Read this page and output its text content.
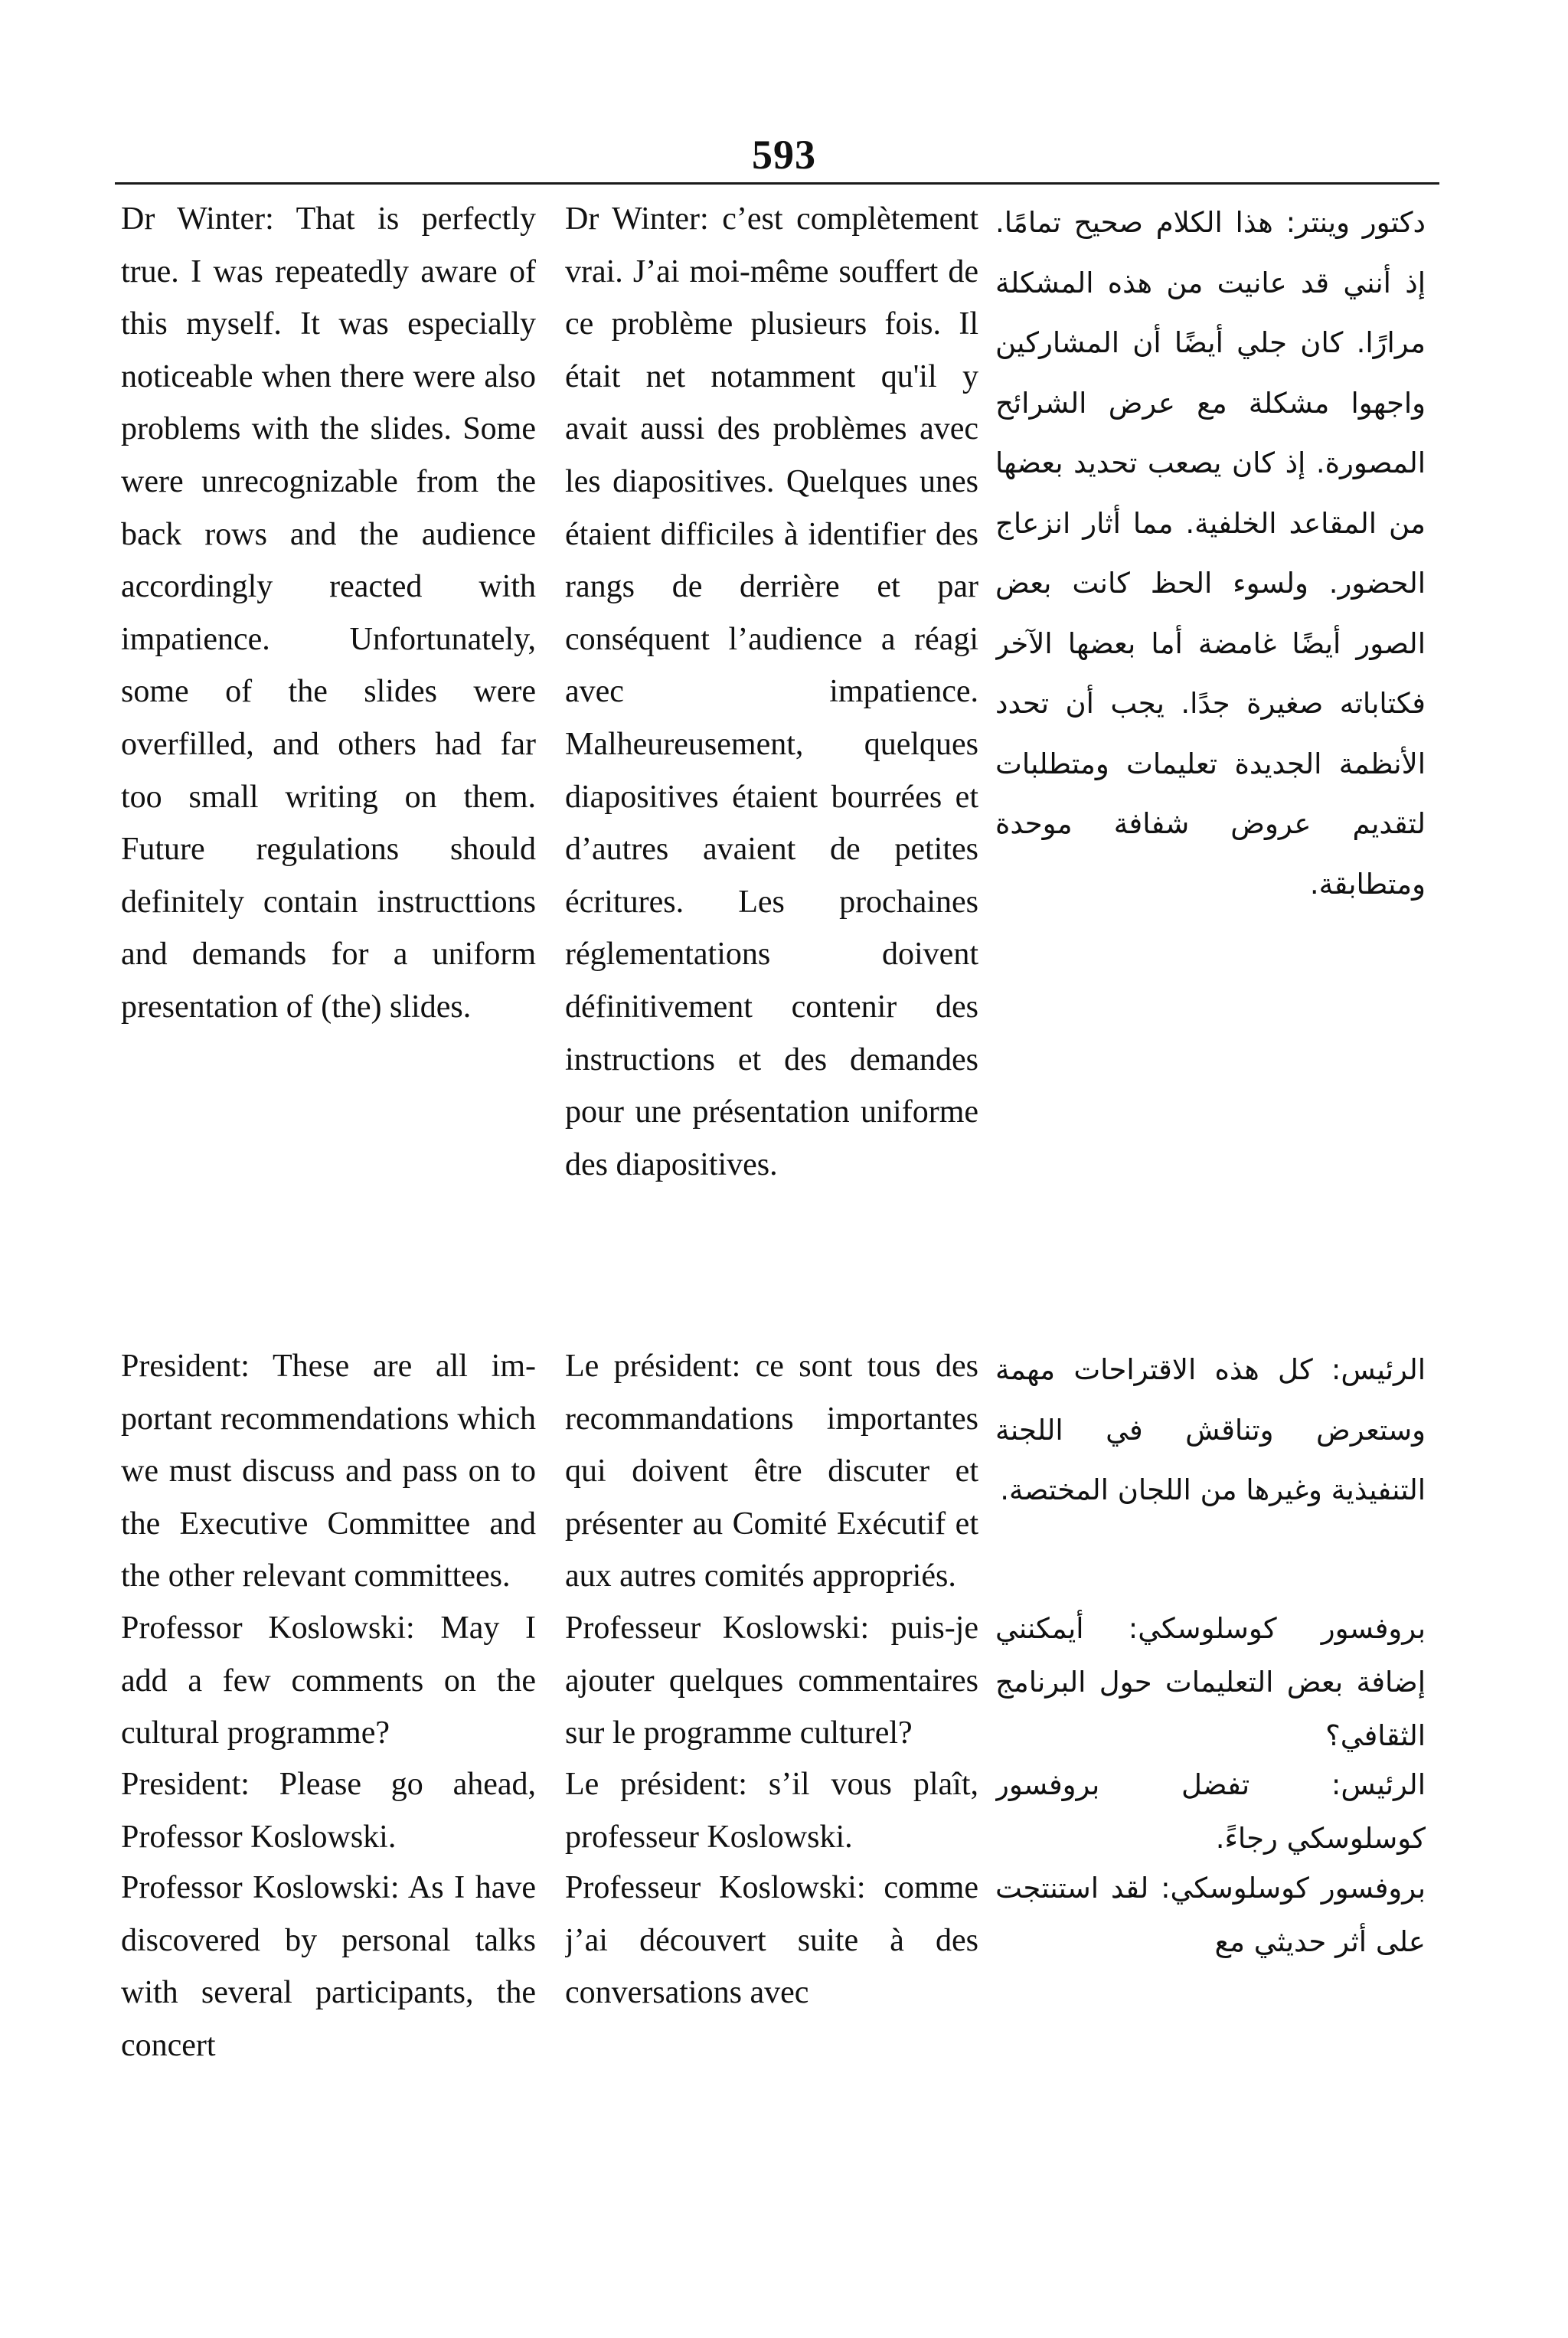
593

Dr Winter: That is perfectly true. I was repeatedly aware of this myself. It was especially noticeable when there were also problems with the slides. Some were unrecognizable from the back rows and the audience accordingly reacted with impatience. Unfortunately, some of the slides were overfilled, and others had far too small writing on them. Future regulations should definitely contain instructtions and demands for a uniform presentation of (the) slides.

President: These are all important recommendations which we must discuss and pass on to the Executive Committee and the other relevant committees.

Professor Koslowski: May I add a few comments on the cultural programme?

President: Please go ahead, Professor Koslowski.

Professor Koslowski: As I have discovered by personal talks with several participants, the concert

Dr Winter: c’est complètement vrai. J’ai moi-même souffert de ce problème plusieurs fois. Il était net notamment qu'il y avait aussi des problèmes avec les diapositives. Quelques unes étaient difficiles à identifier des rangs de derrière et par conséquent l’audience a réagi avec impatience. Malheureusement, quelques diapositives étaient bourrées et d’autres avaient de petites écritures. Les prochaines réglementations doivent définitivement contenir des instructions et des demandes pour une présentation uniforme des diapositives.

Le président: ce sont tous des recommandations importantes qui doivent être discuter et présenter au Comité Exécutif et aux autres comités appropriés.

Professeur Koslowski: puis-je ajouter quelques commentaires sur le programme culturel?

Le président: s’il vous plaît, professeur Koslowski.

Professeur Koslowski: comme j’ai découvert suite à des conversations avec

دكتور وينتر: هذا الكلام صحيح تمامًا. إذ أنني قد عانيت من هذه المشكلة مرارًا. كان جلي أيضًا أن المشاركين واجهوا مشكلة مع عرض الشرائح المصورة. إذ كان يصعب تحديد بعضها من المقاعد الخلفية. مما أثار انزعاج الحضور. ولسوء الحظ كانت بعض الصور أيضًا غامضة أما بعضها الآخر فكتاباته صغيرة جدًا. يجب أن تحدد الأنظمة الجديدة تعليمات ومتطلبات لتقديم عروض شفافة موحدة ومتطابقة.

الرئيس: كل هذه الاقتراحات مهمة وستعرض وتناقش في اللجنة التنفيذية وغيرها من اللجان المختصة.

بروفسور كوسلوسكي: أيمكنني إضافة بعض التعليمات حول البرنامج الثقافي؟

الرئيس: تفضل بروفسور كوسلوسكي رجاءً.

بروفسور كوسلوسكي: لقد استنتجت على أثر حديثي مع
